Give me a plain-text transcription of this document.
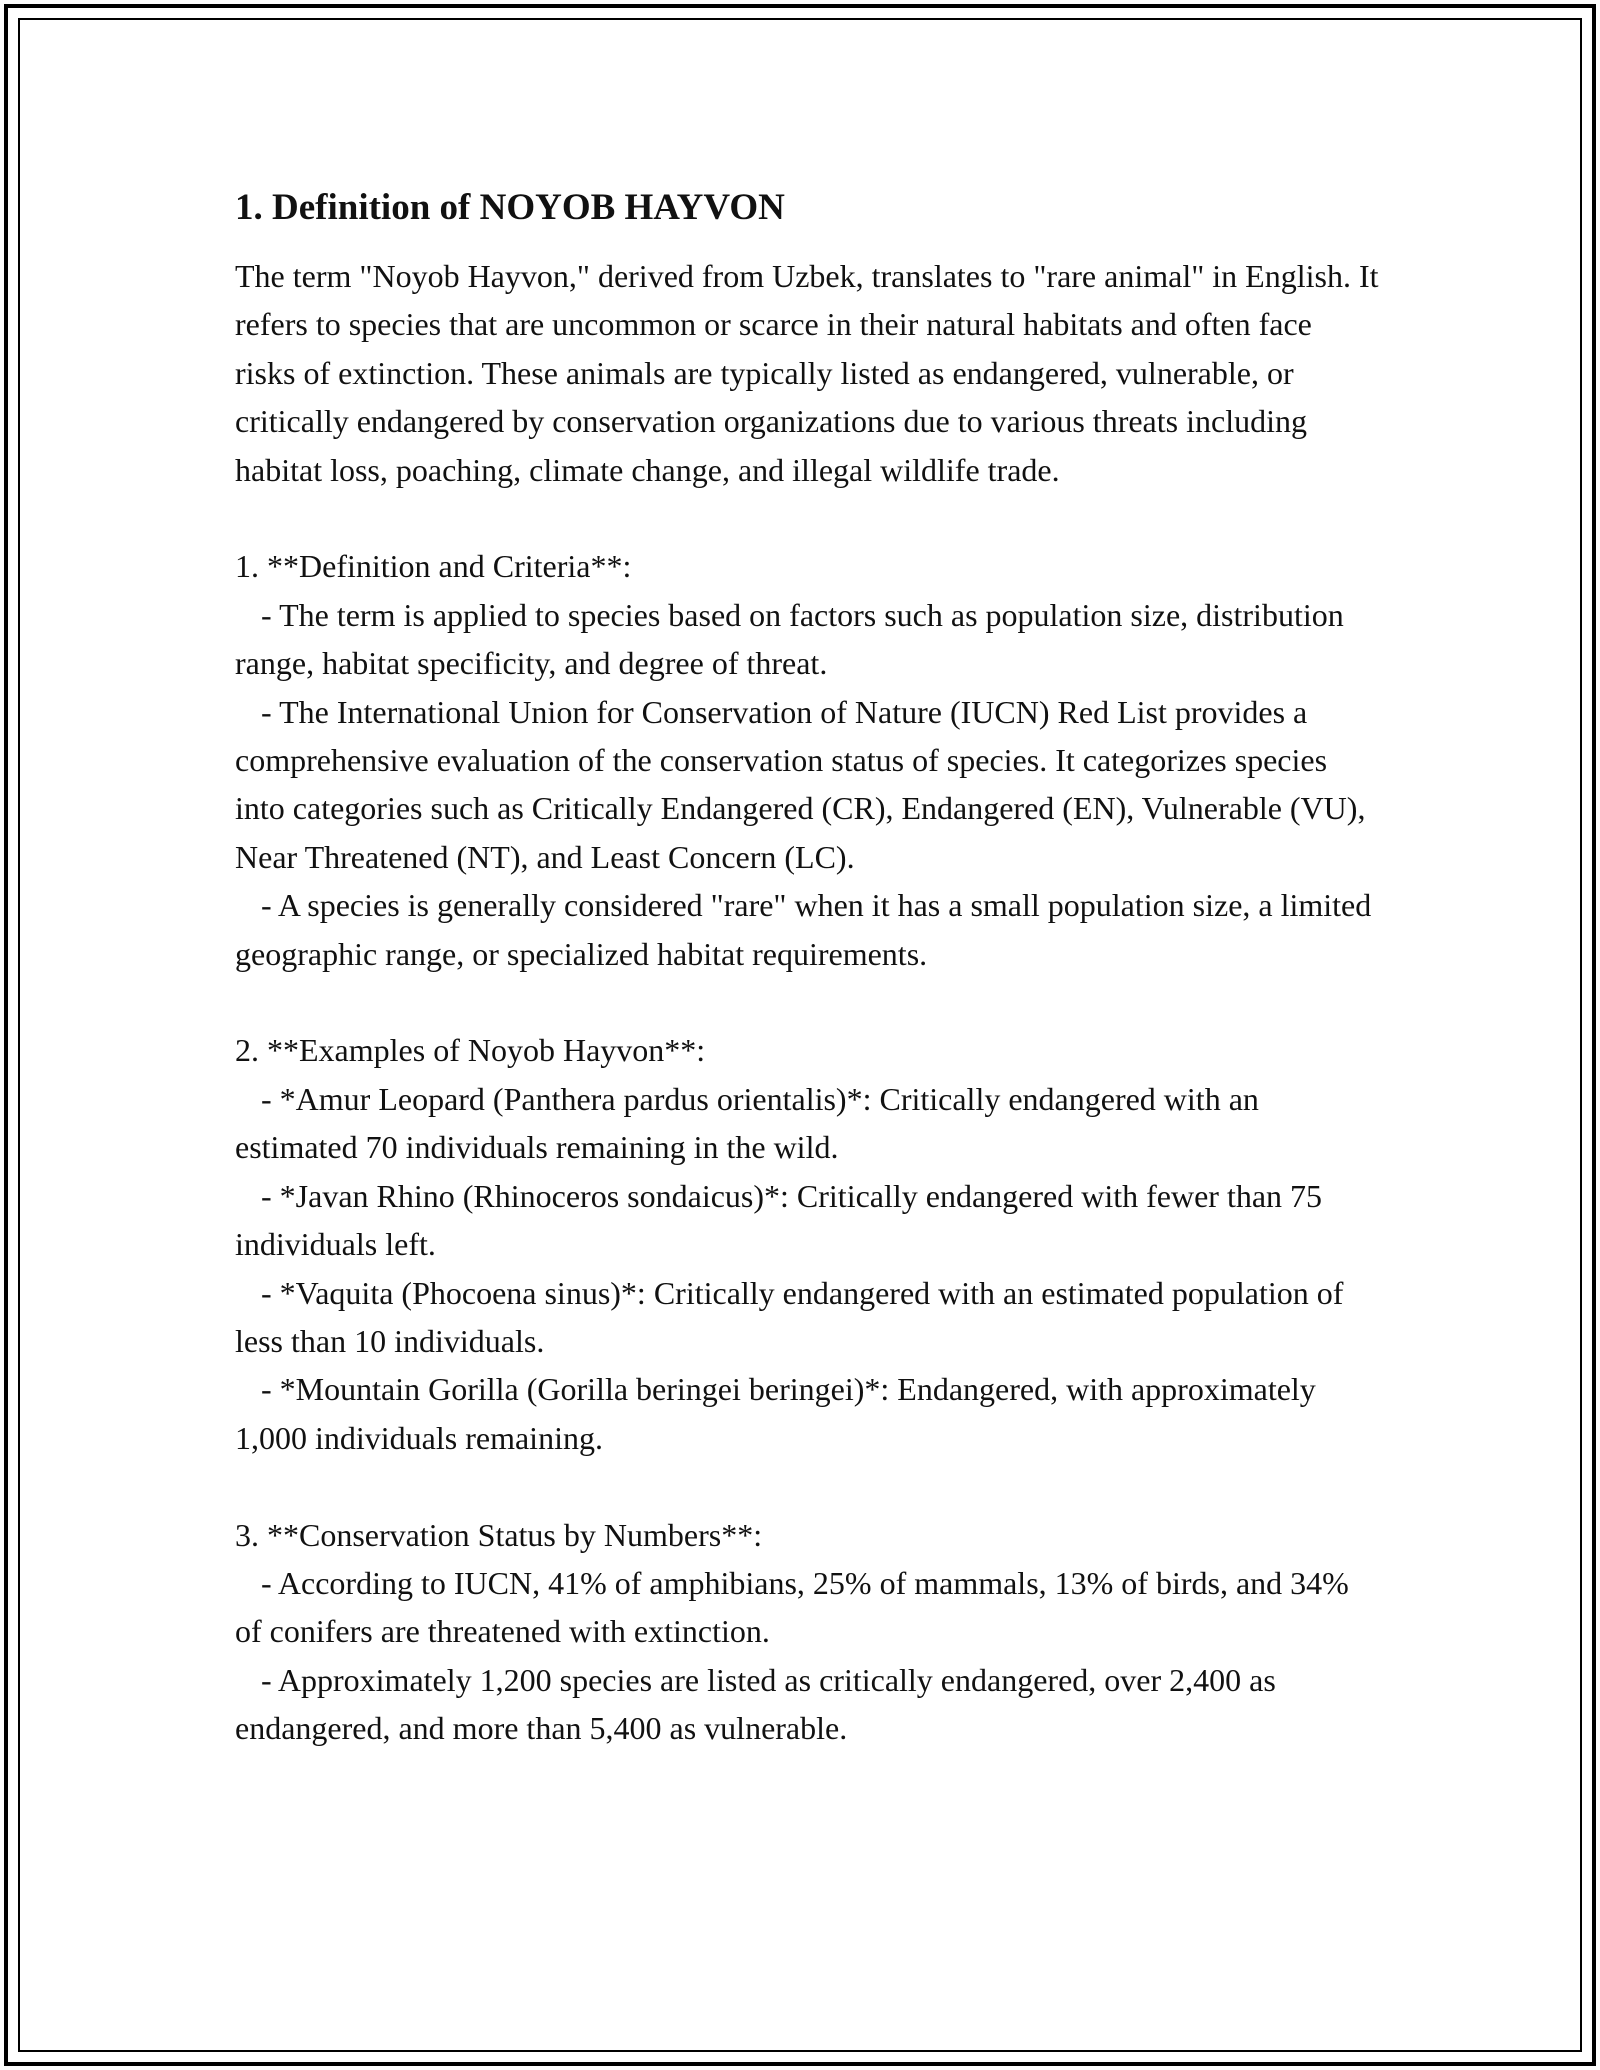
1. Definition of NOYOB HAYVON

The term "Noyob Hayvon," derived from Uzbek, translates to "rare animal" in English. It refers to species that are uncommon or scarce in their natural habitats and often face risks of extinction. These animals are typically listed as endangered, vulnerable, or critically endangered by conservation organizations due to various threats including habitat loss, poaching, climate change, and illegal wildlife trade.

1. **Definition and Criteria**:

- The term is applied to species based on factors such as population size, distribution range, habitat specificity, and degree of threat.

- The International Union for Conservation of Nature (IUCN) Red List provides a comprehensive evaluation of the conservation status of species. It categorizes species into categories such as Critically Endangered (CR), Endangered (EN), Vulnerable (VU), Near Threatened (NT), and Least Concern (LC).

- A species is generally considered "rare" when it has a small population size, a limited geographic range, or specialized habitat requirements.

2. **Examples of Noyob Hayvon**:

- *Amur Leopard (Panthera pardus orientalis)*: Critically endangered with an estimated 70 individuals remaining in the wild.

- *Javan Rhino (Rhinoceros sondaicus)*: Critically endangered with fewer than 75 individuals left.

- *Vaquita (Phocoena sinus)*: Critically endangered with an estimated population of less than 10 individuals.

- *Mountain Gorilla (Gorilla beringei beringei)*: Endangered, with approximately 1,000 individuals remaining.

3. **Conservation Status by Numbers**:

- According to IUCN, 41% of amphibians, 25% of mammals, 13% of birds, and 34% of conifers are threatened with extinction.

- Approximately 1,200 species are listed as critically endangered, over 2,400 as endangered, and more than 5,400 as vulnerable.
